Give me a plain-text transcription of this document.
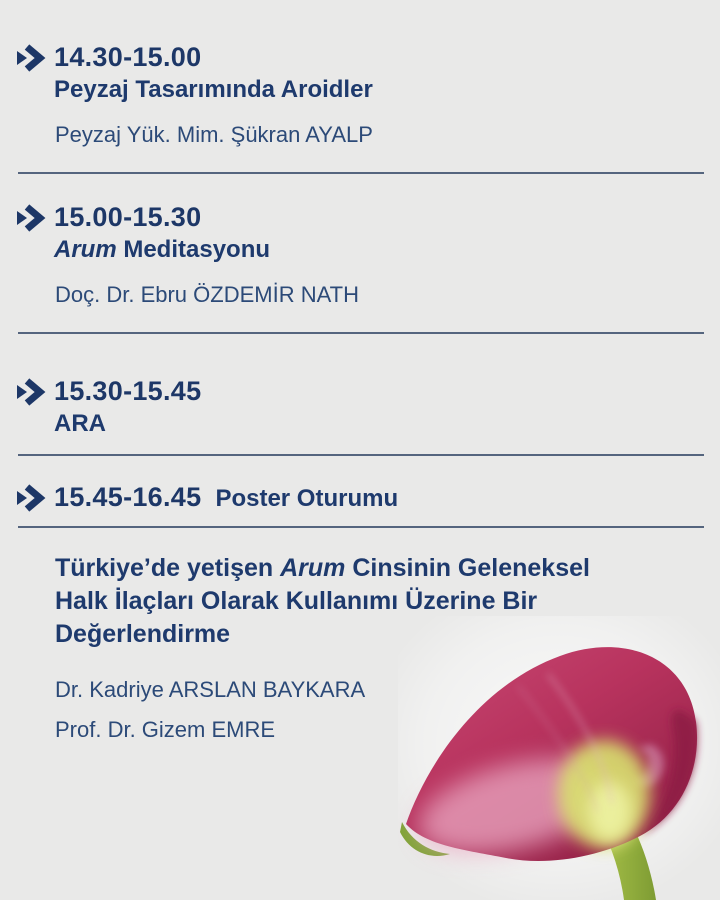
14.30-15.00
Peyzaj Tasarımında Aroidler

Peyzaj Yük. Mim. Şükran AYALP

15.00-15.30
Arum Meditasyonu

Doç. Dr. Ebru ÖZDEMİR NATH

15.30-15.45
ARA
15.45-16.45 Poster Oturumu

Türkiye’de yetişen Arum Cinsinin Geleneksel Halk İlaçları Olarak Kullanımı Üzerine Bir Değerlendirme

Dr. Kadriye ARSLAN BAYKARA

Prof. Dr. Gizem EMRE
